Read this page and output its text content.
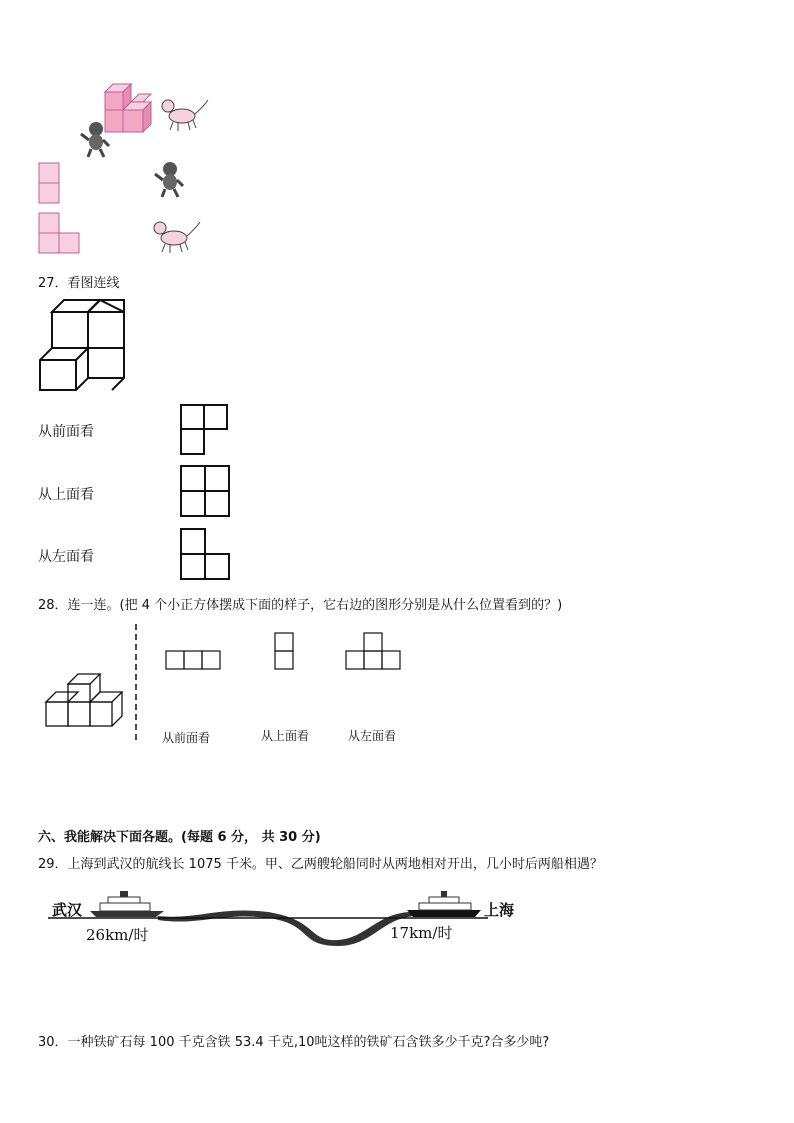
27．看图连线
从前面看
从上面看
从左面看
28．连一连。(把 4 个小正方体摆成下面的样子，它右边的图形分别是从什么位置看到的？)
从前面看	从上面看	从左面看
六、我能解决下面各题。(每题 6 分， 共 30 分)
29．上海到武汉的航线长 1075 千米。甲、乙两艘轮船同时从两地相对开出，几小时后两船相遇？
武汉	上海
26km/时	17km/时
30．一种铁矿石每 100 千克含铁 53.4 千克,10吨这样的铁矿石含铁多少千克?合多少吨?
